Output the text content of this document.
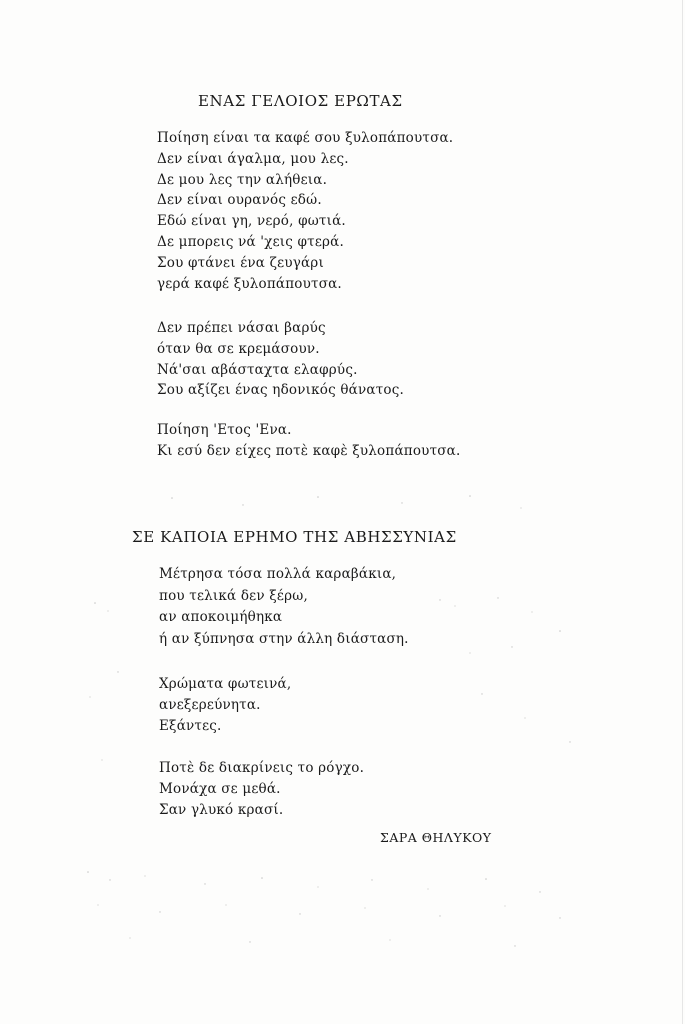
ΕΝΑΣ ΓΕΛΟΙΟΣ ΕΡΩΤΑΣ
Ποίηση είναι τα καφέ σου ξυλοπάπουτσα.
Δεν είναι άγαλμα, μου λες.
Δε μου λες την αλήθεια.
Δεν είναι ουρανός εδώ.
Εδώ είναι γη, νερό, φωτιά.
Δε μπορεις νά 'χεις φτερά.
Σου φτάνει ένα ζευγάρι
γερά καφέ ξυλοπάπουτσα.
Δεν πρέπει νάσαι βαρύς
όταν θα σε κρεμάσουν.
Νά'σαι αβάσταχτα ελαφρύς.
Σου αξίζει ένας ηδονικός θάνατος.
Ποίηση 'Ετος 'Ενα.
Κι εσύ δεν είχες ποτὲ καφὲ ξυλοπάπουτσα.
ΣΕ ΚΑΠΟΙΑ ΕΡΗΜΟ ΤΗΣ ΑΒΗΣΣΥΝΙΑΣ
Μέτρησα τόσα πολλά καραβάκια,
που τελικά δεν ξέρω,
αν αποκοιμήθηκα
ή αν ξύπνησα στην άλλη διάσταση.
Χρώματα φωτεινά,
ανεξερεύνητα.
Εξάντες.
Ποτὲ δε διακρίνεις το ρόγχο.
Μονάχα σε μεθά.
Σαν γλυκό κρασί.

ΣΑΡΑ ΘΗΛΥΚΟΥ
